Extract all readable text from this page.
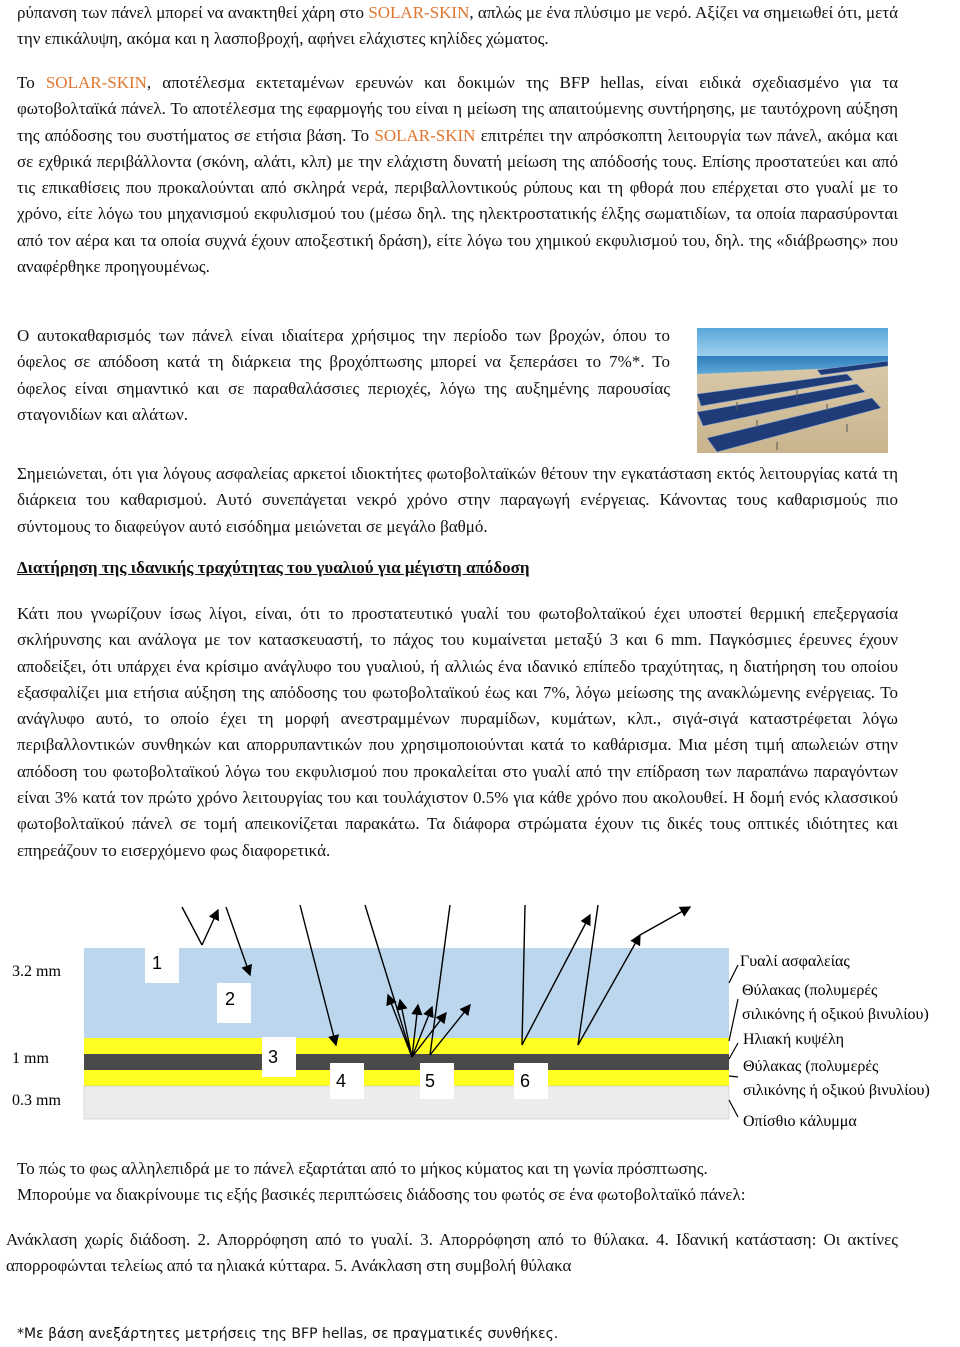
ρύπανση των πάνελ μπορεί να ανακτηθεί χάρη στο SOLAR-SKIN, απλώς με ένα πλύσιμο με νερό. Αξίζει να σημειωθεί ότι, μετά την επικάλυψη, ακόμα και η λασποβροχή, αφήνει ελάχιστες κηλίδες χώματος.

Το SOLAR-SKIN, αποτέλεσμα εκτεταμένων ερευνών και δοκιμών της BFP hellas, είναι ειδικά σχεδιασμένο για τα φωτοβολταϊκά πάνελ. Το αποτέλεσμα της εφαρμογής του είναι η μείωση της απαιτούμενης συντήρησης, με ταυτόχρονη αύξηση της απόδοσης του συστήματος σε ετήσια βάση. Το SOLAR-SKIN επιτρέπει την απρόσκοπτη λειτουργία των πάνελ, ακόμα και σε εχθρικά περιβάλλοντα (σκόνη, αλάτι, κλπ) με την ελάχιστη δυνατή μείωση της απόδοσής τους. Επίσης προστατεύει και από τις επικαθίσεις που προκαλούνται από σκληρά νερά, περιβαλλοντικούς ρύπους και τη φθορά που επέρχεται στο γυαλί με το χρόνο, είτε λόγω του μηχανισμού εκφυλισμού του (μέσω δηλ. της ηλεκτροστατικής έλξης σωματιδίων, τα οποία παρασύρονται από τον αέρα και τα οποία συχνά έχουν αποξεστική δράση), είτε λόγω του χημικού εκφυλισμού του, δηλ. της «διάβρωσης» που αναφέρθηκε προηγουμένως.

Ο αυτοκαθαρισμός των πάνελ είναι ιδιαίτερα χρήσιμος την περίοδο των βροχών, όπου το όφελος σε απόδοση κατά τη διάρκεια της βροχόπτωσης μπορεί να ξεπεράσει το 7%*. Το όφελος είναι σημαντικό και σε παραθαλάσσιες περιοχές, λόγω της αυξημένης παρουσίας σταγονιδίων και αλάτων.

Σημειώνεται, ότι για λόγους ασφαλείας αρκετοί ιδιοκτήτες φωτοβολταϊκών θέτουν την εγκατάσταση εκτός λειτουργίας κατά τη διάρκεια του καθαρισμού. Αυτό συνεπάγεται νεκρό χρόνο στην παραγωγή ενέργειας. Κάνοντας τους καθαρισμούς πιο σύντομους το διαφεύγον αυτό εισόδημα μειώνεται σε μεγάλο βαθμό.

Διατήρηση της ιδανικής τραχύτητας του γυαλιού για μέγιστη απόδοση

Κάτι που γνωρίζουν ίσως λίγοι, είναι, ότι το προστατευτικό γυαλί του φωτοβολταϊκού έχει υποστεί θερμική επεξεργασία σκλήρυνσης και ανάλογα με τον κατασκευαστή, το πάχος του κυμαίνεται μεταξύ 3 και 6 mm. Παγκόσμιες έρευνες έχουν αποδείξει, ότι υπάρχει ένα κρίσιμο ανάγλυφο του γυαλιού, ή αλλιώς ένα ιδανικό επίπεδο τραχύτητας, η διατήρηση του οποίου εξασφαλίζει μια ετήσια αύξηση της απόδοσης του φωτοβολταϊκού έως και 7%, λόγω μείωσης της ανακλώμενης ενέργειας. Το ανάγλυφο αυτό, το οποίο έχει τη μορφή ανεστραμμένων πυραμίδων, κυμάτων, κλπ., σιγά-σιγά καταστρέφεται λόγω περιβαλλοντικών συνθηκών και απορρυπαντικών που χρησιμοποιούνται κατά το καθάρισμα. Μια μέση τιμή απωλειών στην απόδοση του φωτοβολταϊκού λόγω του εκφυλισμού που προκαλείται στο γυαλί από την επίδραση των παραπάνω παραγόντων είναι 3% κατά τον πρώτο χρόνο λειτουργίας του και τουλάχιστον 0.5% για κάθε χρόνο που ακολουθεί. Η δομή ενός κλασσικού φωτοβολταϊκού πάνελ σε τομή απεικονίζεται παρακάτω. Τα διάφορα στρώματα έχουν τις δικές τους οπτικές ιδιότητες και επηρεάζουν το εισερχόμενο φως διαφορετικά.

3.2 mm
1 mm
0.3 mm
1
2
3
4	5	6
Γυαλί ασφαλείας
Θύλακας (πολυμερές
σιλικόνης ή οξικού βινυλίου)
Ηλιακή κυψέλη
Θύλακας (πολυμερές
σιλικόνης ή οξικού βινυλίου)
Οπίσθιο κάλυμμα

Το πώς το φως αλληλεπιδρά με το πάνελ εξαρτάται από το μήκος κύματος και τη γωνία πρόσπτωσης.

Μπορούμε να διακρίνουμε τις εξής βασικές περιπτώσεις διάδοσης του φωτός σε ένα φωτοβολταϊκό πάνελ:

Ανάκλαση χωρίς διάδοση. 2. Απορρόφηση από το γυαλί. 3. Απορρόφηση από το θύλακα. 4. Ιδανική κατάσταση: Οι ακτίνες απορροφώνται τελείως από τα ηλιακά κύτταρα. 5. Ανάκλαση στη συμβολή θύλακα

*Με βάση ανεξάρτητες μετρήσεις της BFP hellas, σε πραγματικές συνθήκες.
